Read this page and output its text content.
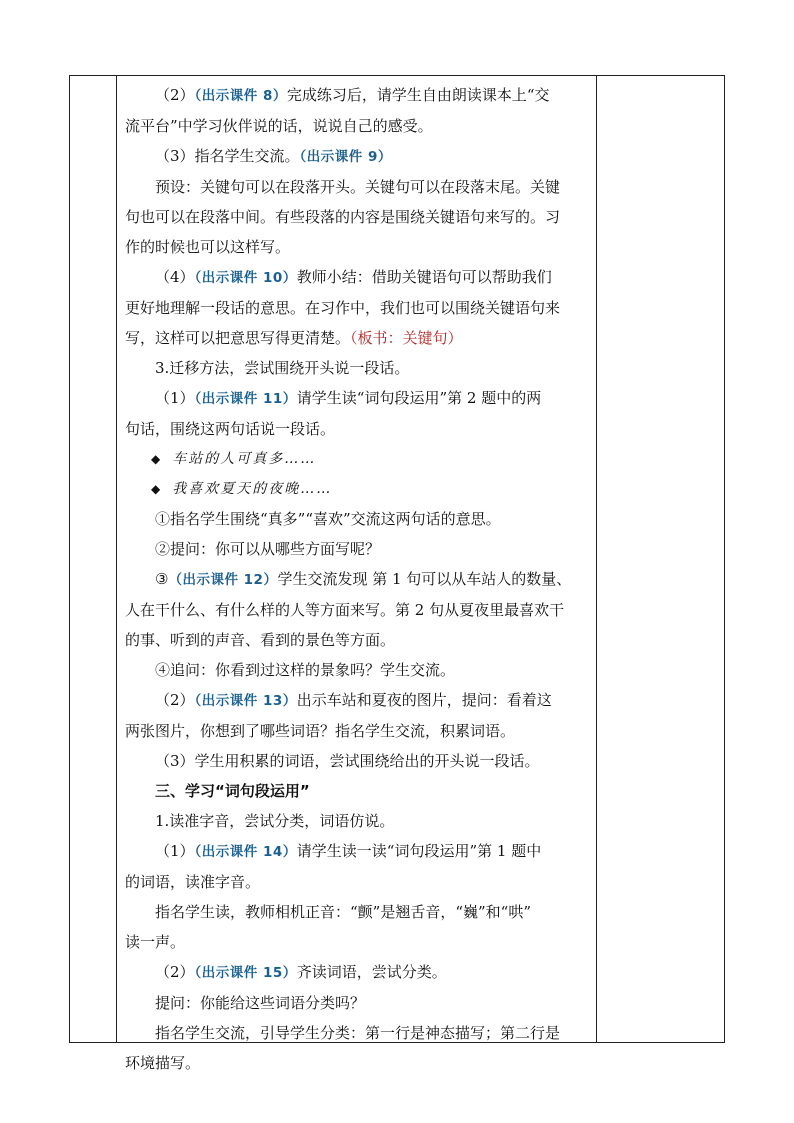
（2）（出示课件 8）完成练习后，请学生自由朗读课本上“交

流平台”中学习伙伴说的话，说说自己的感受。

（3）指名学生交流。（出示课件 9）

预设：关键句可以在段落开头。关键句可以在段落末尾。关键

句也可以在段落中间。有些段落的内容是围绕关键语句来写的。习

作的时候也可以这样写。

（4）（出示课件 10）教师小结：借助关键语句可以帮助我们

更好地理解一段话的意思。在习作中，我们也可以围绕关键语句来

写，这样可以把意思写得更清楚。（板书：关键句）

3.迁移方法，尝试围绕开头说一段话。

（1）（出示课件 11）请学生读“词句段运用”第 2 题中的两

句话，围绕这两句话说一段话。

◆ 车站的人可真多……

◆ 我喜欢夏天的夜晚……

①指名学生围绕“真多”“喜欢”交流这两句话的意思。

②提问：你可以从哪些方面写呢？

③（出示课件 12）学生交流发现 第 1 句可以从车站人的数量、

人在干什么、有什么样的人等方面来写。第 2 句从夏夜里最喜欢干

的事、听到的声音、看到的景色等方面。

④追问：你看到过这样的景象吗？学生交流。

（2）（出示课件 13）出示车站和夏夜的图片，提问：看着这

两张图片，你想到了哪些词语？指名学生交流，积累词语。

（3）学生用积累的词语，尝试围绕给出的开头说一段话。

三、学习“词句段运用”

1.读准字音，尝试分类，词语仿说。

（1）（出示课件 14）请学生读一读“词句段运用”第 1 题中

的词语，读准字音。

指名学生读，教师相机正音：“颤”是翘舌音，“巍”和“哄”

读一声。

（2）（出示课件 15）齐读词语，尝试分类。

提问：你能给这些词语分类吗？

指名学生交流，引导学生分类：第一行是神态描写；第二行是

环境描写。
